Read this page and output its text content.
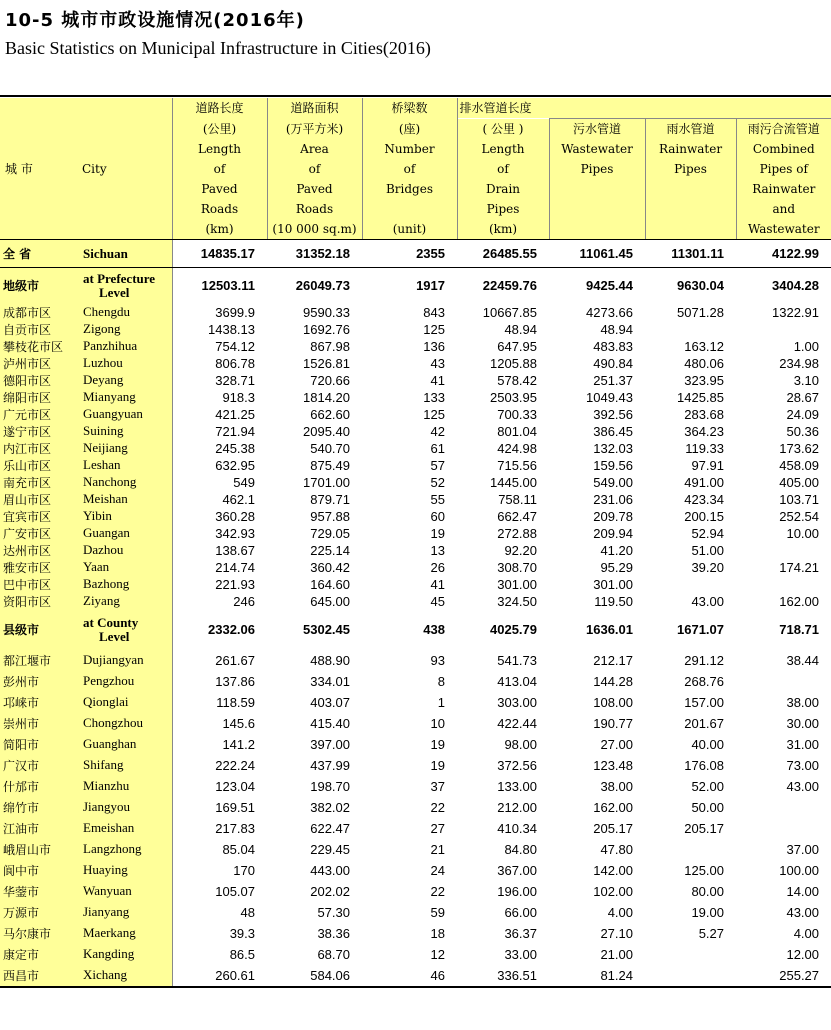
10-5 城市市政设施情况(2016年)
Basic Statistics on Municipal Infrastructure in Cities(2016)
城 市	City	道路长度	道路面积	桥梁数	排水管道长度			
		(公里)	(万平方米)	(座)	( 公里 )	污水管道	雨水管道	雨污合流管道
		Length	Area	Number	Length	Wastewater	Rainwater	Combined
		of	of	of	of	Pipes	Pipes	Pipes of
		Paved	Paved	Bridges	Drain			Rainwater
		Roads	Roads		Pipes			and
		(km)	(10 000 sq.m)	(unit)	(km)			Wastewater
全 省	Sichuan	14835.17	31352.18	2355	26485.55	11061.45	11301.11	4122.99
地级市	at Prefecture
Level	12503.11	26049.73	1917	22459.76	9425.44	9630.04	3404.28
成都市区	Chengdu	3699.9	9590.33	843	10667.85	4273.66	5071.28	1322.91
自贡市区	Zigong	1438.13	1692.76	125	48.94	48.94		
攀枝花市区	Panzhihua	754.12	867.98	136	647.95	483.83	163.12	1.00
泸州市区	Luzhou	806.78	1526.81	43	1205.88	490.84	480.06	234.98
德阳市区	Deyang	328.71	720.66	41	578.42	251.37	323.95	3.10
绵阳市区	Mianyang	918.3	1814.20	133	2503.95	1049.43	1425.85	28.67
广元市区	Guangyuan	421.25	662.60	125	700.33	392.56	283.68	24.09
遂宁市区	Suining	721.94	2095.40	42	801.04	386.45	364.23	50.36
内江市区	Neijiang	245.38	540.70	61	424.98	132.03	119.33	173.62
乐山市区	Leshan	632.95	875.49	57	715.56	159.56	97.91	458.09
南充市区	Nanchong	549	1701.00	52	1445.00	549.00	491.00	405.00
眉山市区	Meishan	462.1	879.71	55	758.11	231.06	423.34	103.71
宜宾市区	Yibin	360.28	957.88	60	662.47	209.78	200.15	252.54
广安市区	Guangan	342.93	729.05	19	272.88	209.94	52.94	10.00
达州市区	Dazhou	138.67	225.14	13	92.20	41.20	51.00	
雅安市区	Yaan	214.74	360.42	26	308.70	95.29	39.20	174.21
巴中市区	Bazhong	221.93	164.60	41	301.00	301.00		
资阳市区	Ziyang	246	645.00	45	324.50	119.50	43.00	162.00
县级市	at County
Level	2332.06	5302.45	438	4025.79	1636.01	1671.07	718.71
都江堰市	Dujiangyan	261.67	488.90	93	541.73	212.17	291.12	38.44
彭州市	Pengzhou	137.86	334.01	8	413.04	144.28	268.76	
邛崃市	Qionglai	118.59	403.07	1	303.00	108.00	157.00	38.00
崇州市	Chongzhou	145.6	415.40	10	422.44	190.77	201.67	30.00
简阳市	Guanghan	141.2	397.00	19	98.00	27.00	40.00	31.00
广汉市	Shifang	222.24	437.99	19	372.56	123.48	176.08	73.00
什邡市	Mianzhu	123.04	198.70	37	133.00	38.00	52.00	43.00
绵竹市	Jiangyou	169.51	382.02	22	212.00	162.00	50.00	
江油市	Emeishan	217.83	622.47	27	410.34	205.17	205.17	
峨眉山市	Langzhong	85.04	229.45	21	84.80	47.80		37.00
阆中市	Huaying	170	443.00	24	367.00	142.00	125.00	100.00
华蓥市	Wanyuan	105.07	202.02	22	196.00	102.00	80.00	14.00
万源市	Jianyang	48	57.30	59	66.00	4.00	19.00	43.00
马尔康市	Maerkang	39.3	38.36	18	36.37	27.10	5.27	4.00
康定市	Kangding	86.5	68.70	12	33.00	21.00		12.00
西昌市	Xichang	260.61	584.06	46	336.51	81.24		255.27
